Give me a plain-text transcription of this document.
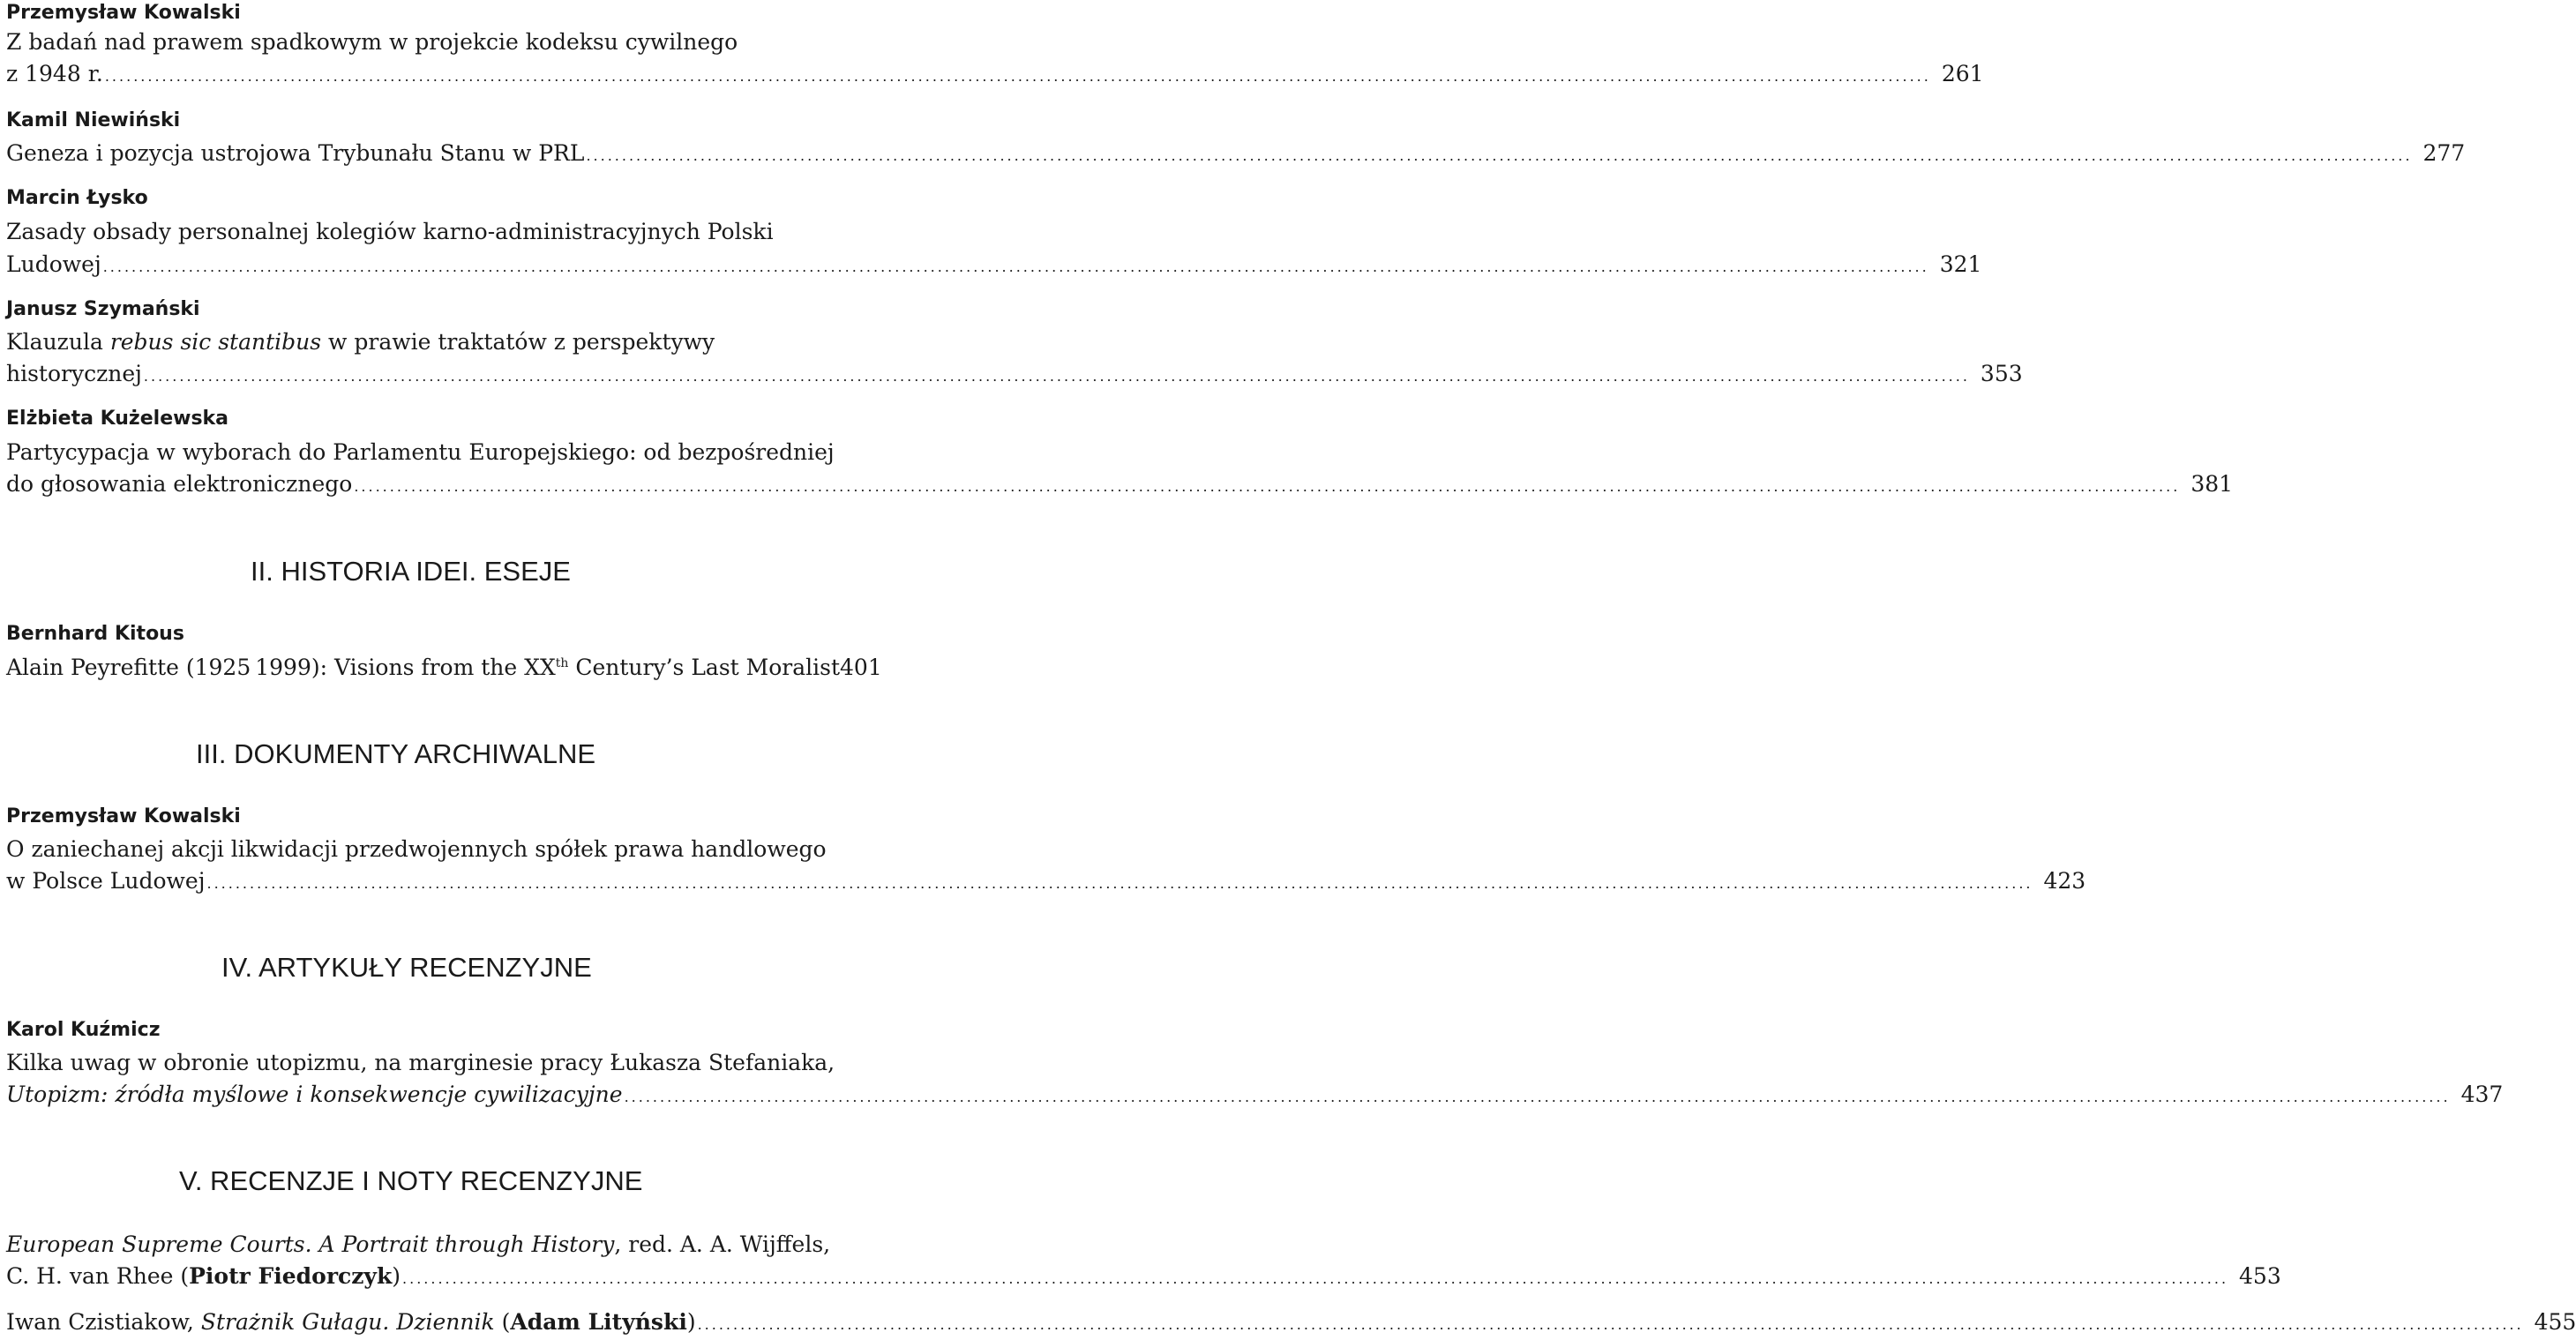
Przemysław Kowalski
Z badań nad prawem spadkowym w projekcie kodeksu cywilnego
z 1948 r. .....	261
Kamil Niewiński
Geneza i pozycja ustrojowa Trybunału Stanu w PRL .....	277
Marcin Łysko
Zasady obsady personalnej kolegiów karno-administracyjnych Polski
Ludowej .....	321
Janusz Szymański
Klauzula rebus sic stantibus w prawie traktatów z perspektywy
historycznej .....	353
Elżbieta Kużelewska
Partycypacja w wyborach do Parlamentu Europejskiego: od bezpośredniej
do głosowania elektronicznego .....	381
II. HISTORIA IDEI. ESEJE
Bernhard Kitous
Alain Peyrefitte (1925 1999): Visions from the XXth Century’s Last Moralist 401
III. DOKUMENTY ARCHIWALNE
Przemysław Kowalski
O zaniechanej akcji likwidacji przedwojennych spółek prawa handlowego
w Polsce Ludowej .....	423
IV. ARTYKUŁY RECENZYJNE
Karol Kuźmicz
Kilka uwag w obronie utopizmu, na marginesie pracy Łukasza Stefaniaka,
Utopizm: źródła myślowe i konsekwencje cywilizacyjne .....	437
V. RECENZJE I NOTY RECENZYJNE
European Supreme Courts. A Portrait through History, red. A. A. Wijffels,
C. H. van Rhee (Piotr Fiedorczyk) .....	453
Iwan Czistiakow, Strażnik Gułagu. Dziennik (Adam Lityński) .....	455
